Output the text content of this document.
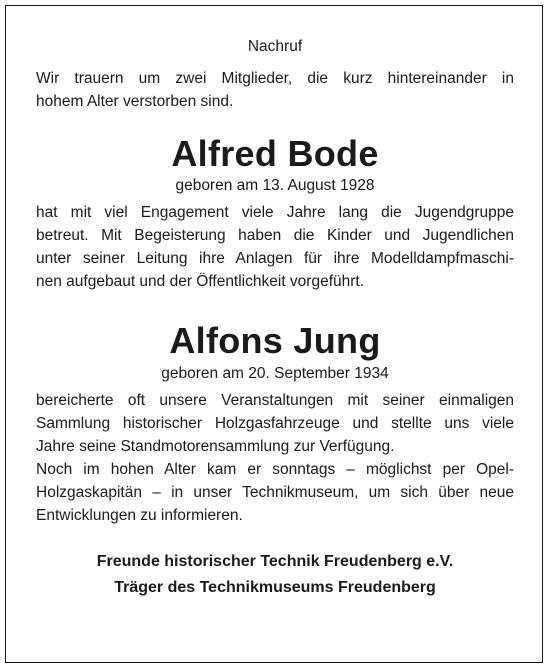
Nachruf

Wir trauern um zwei Mitglieder, die kurz hintereinander in
hohem Alter verstorben sind.

Alfred Bode
geboren am 13. August 1928

hat mit viel Engagement viele Jahre lang die Jugendgruppe
betreut. Mit Begeisterung haben die Kinder und Jugendlichen
unter seiner Leitung ihre Anlagen für ihre Modelldampfmaschi-
nen aufgebaut und der Öffentlichkeit vorgeführt.

Alfons Jung
geboren am 20. September 1934

bereicherte oft unsere Veranstaltungen mit seiner einmaligen
Sammlung historischer Holzgasfahrzeuge und stellte uns viele
Jahre seine Standmotorensammlung zur Verfügung.
Noch im hohen Alter kam er sonntags – möglichst per Opel-
Holzgaskapitän – in unser Technikmuseum, um sich über neue
Entwicklungen zu informieren.

Freunde historischer Technik Freudenberg e.V.
Träger des Technikmuseums Freudenberg
